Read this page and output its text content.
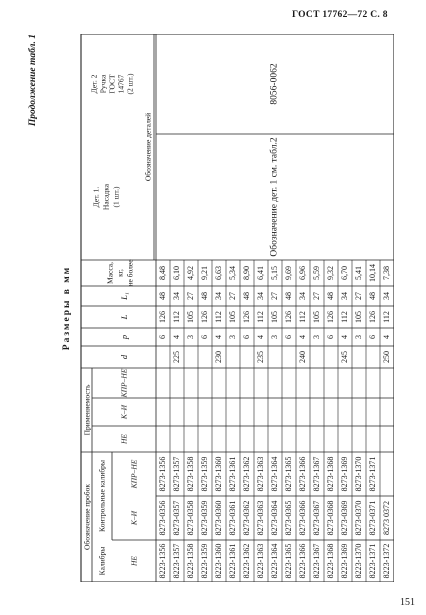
ГОСТ 17762—72 С. 8
Продолжение табл. 1
Размеры в мм
Обозначение пробок
Калибры
Контрольные калибры
НЕ
К–И
КПР–НЕ
Применяемость
НЕ
К–И
КПР–НЕ
d
p
L
L₁
Масса, кг, не более
Дет. 1. Насадка (1 шт.)
Дет. 2 Ручка ГОСТ 14767 (2 шт.)
Обозначение деталей
8223-1356
8273-0356
8273-1356
6
126
48
8,48
8223-1357
8273-0357
8273-1357
225
4
112
34
6,10
8223-1358
8273-0358
8273-1358
3
105
27
4,92
8223-1359
8273-0359
8273-1359
6
126
48
9,21
8223-1360
8273-0360
8273-1360
230
4
112
34
6,63
8223-1361
8273-0361
8273-1361
3
105
27
5,34
8223-1362
8273-0362
8273-1362
6
126
48
8,90
8223-1363
8273-0363
8273-1363
235
4
112
34
6,41
8223-1364
8273-0364
8273-1364
3
105
27
5,15
8223-1365
8273-0365
8273-1365
6
126
48
9,69
8223-1366
8273-0366
8273-1366
240
4
112
34
6,96
8223-1367
8273-0367
8273-1367
3
105
27
5,59
8223-1368
8273-0368
8273-1368
6
126
48
9,32
8223-1369
8273-0369
8273-1369
245
4
112
34
6,70
8223-1370
8273-0370
8273-1370
3
105
27
5,41
8223-1371
8273-0371
8273-1371
6
126
48
10,14
8223-1372
8273 0372
250
4
112
34
7,38
Обозначение дет. 1 см. табл.2
8056-0062
151
